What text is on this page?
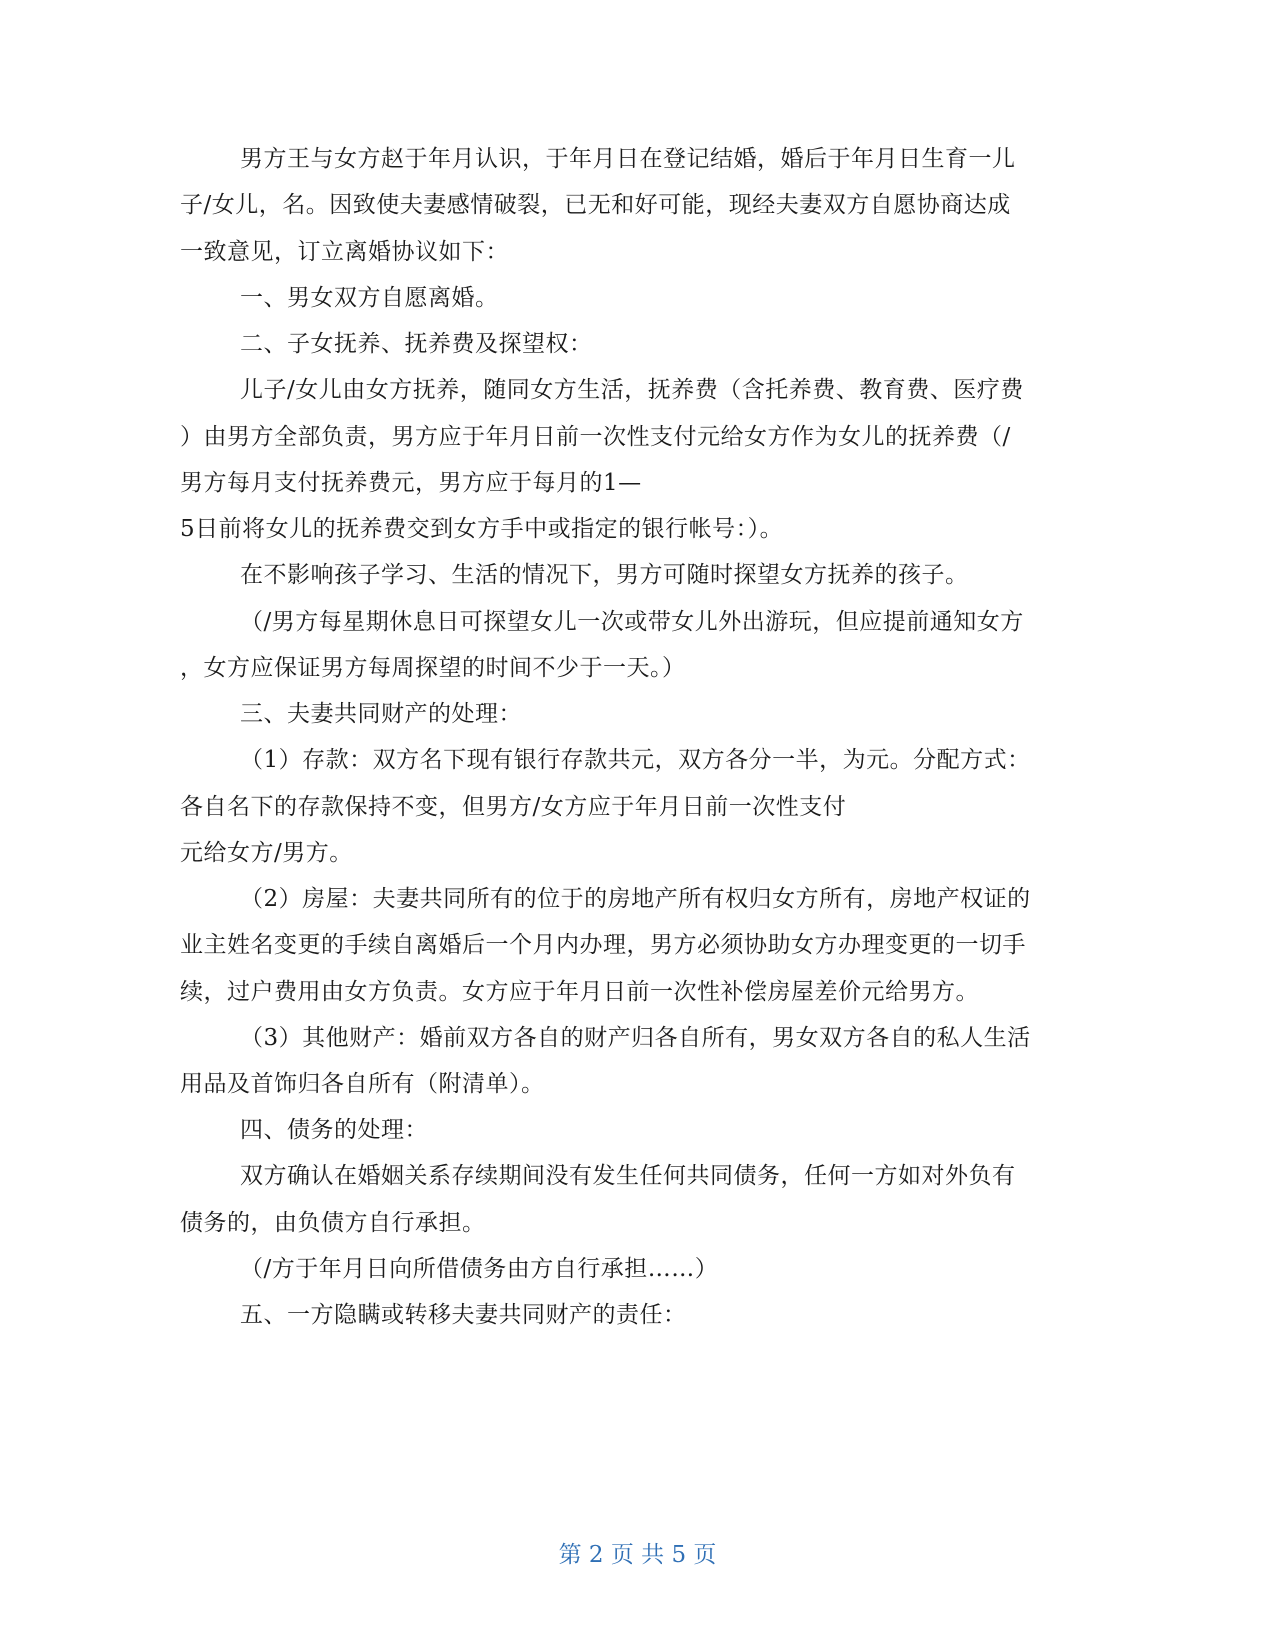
男方王与女方赵于年月认识，于年月日在登记结婚，婚后于年月日生育一儿
子/女儿，名。因致使夫妻感情破裂，已无和好可能，现经夫妻双方自愿协商达成
一致意见，订立离婚协议如下：
一、男女双方自愿离婚。
二、子女抚养、抚养费及探望权：
儿子/女儿由女方抚养，随同女方生活，抚养费（含托养费、教育费、医疗费
）由男方全部负责，男方应于年月日前一次性支付元给女方作为女儿的抚养费（/
男方每月支付抚养费元，男方应于每月的1—
5日前将女儿的抚养费交到女方手中或指定的银行帐号：）。
在不影响孩子学习、生活的情况下，男方可随时探望女方抚养的孩子。
（/男方每星期休息日可探望女儿一次或带女儿外出游玩，但应提前通知女方
，女方应保证男方每周探望的时间不少于一天。）
三、夫妻共同财产的处理：
（1）存款：双方名下现有银行存款共元，双方各分一半，为元。分配方式：
各自名下的存款保持不变，但男方/女方应于年月日前一次性支付
元给女方/男方。
（2）房屋：夫妻共同所有的位于的房地产所有权归女方所有，房地产权证的
业主姓名变更的手续自离婚后一个月内办理，男方必须协助女方办理变更的一切手
续，过户费用由女方负责。女方应于年月日前一次性补偿房屋差价元给男方。
（3）其他财产：婚前双方各自的财产归各自所有，男女双方各自的私人生活
用品及首饰归各自所有（附清单）。
四、债务的处理：
双方确认在婚姻关系存续期间没有发生任何共同债务，任何一方如对外负有
债务的，由负债方自行承担。
（/方于年月日向所借债务由方自行承担……）
五、一方隐瞒或转移夫妻共同财产的责任：
第 2 页 共 5 页
